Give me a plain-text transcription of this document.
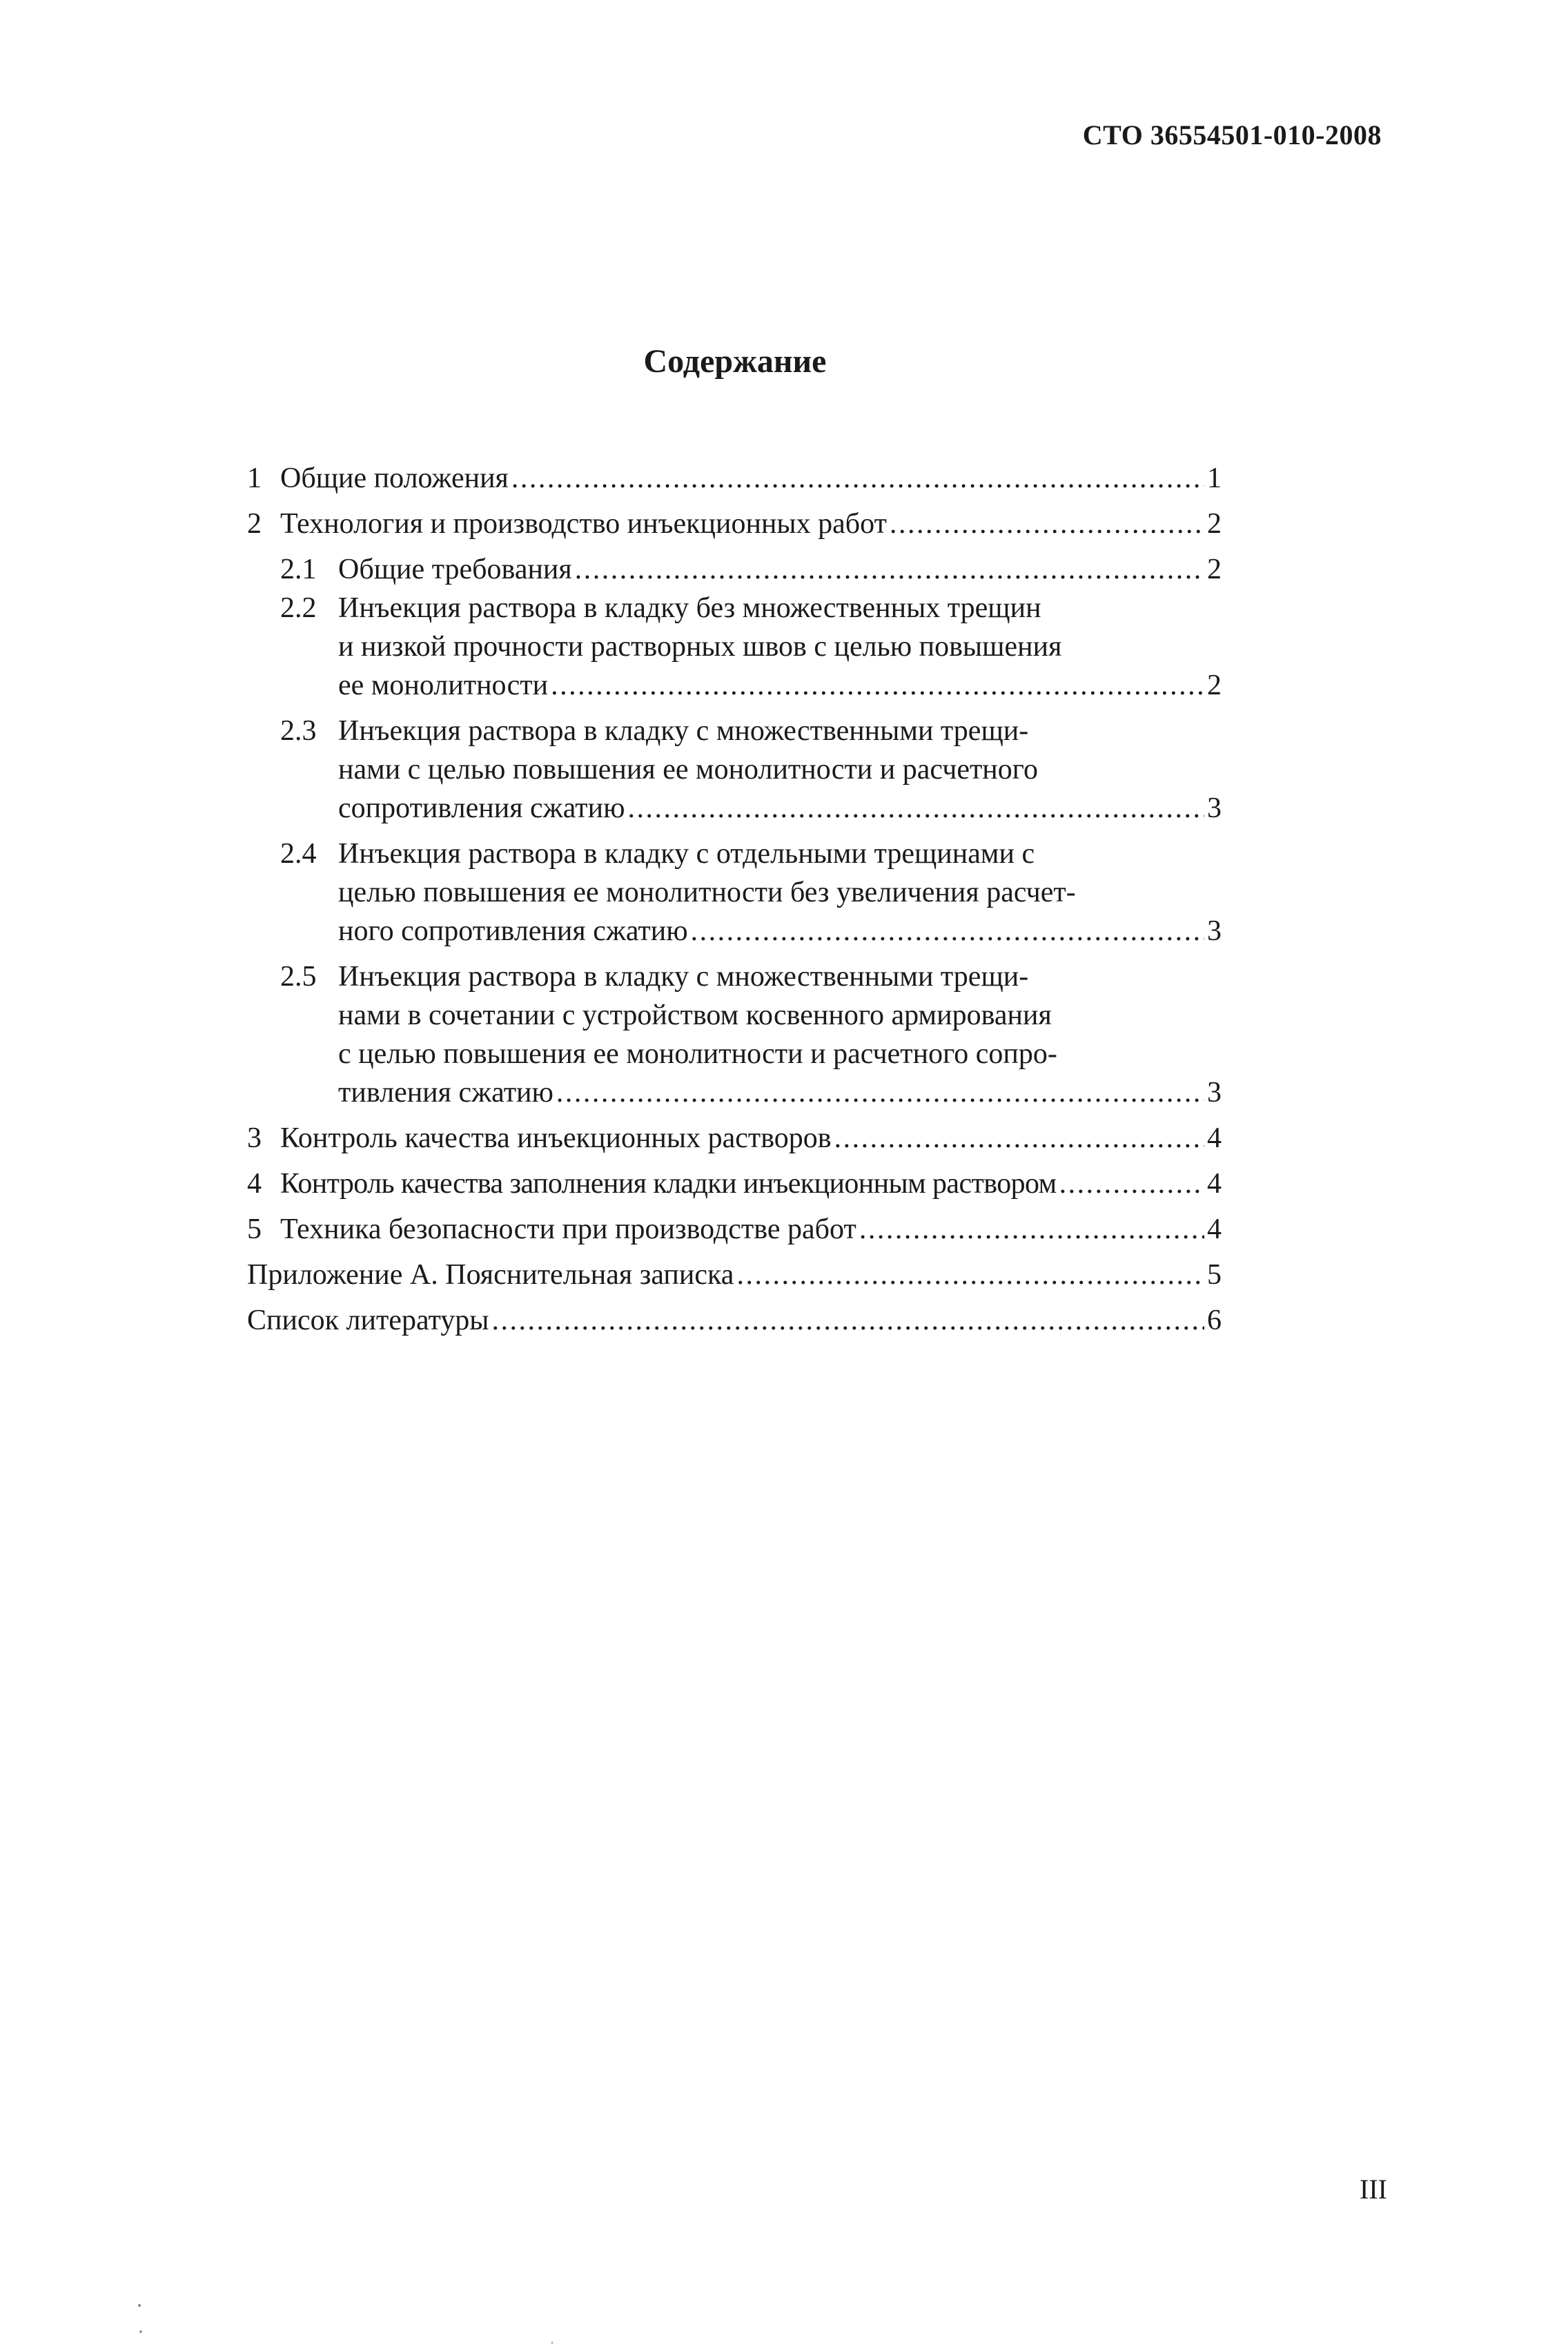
СТО 36554501-010-2008
Содержание
1 Общие положения . . .	1
2 Технология и производство инъекционных работ . . .	2
2.1 Общие требования . . .	2
2.2 Инъекция раствора в кладку без множественных трещин
и низкой прочности растворных швов с целью повышения
ее монолитности . . .	2
2.3 Инъекция раствора в кладку с множественными трещи-
нами с целью повышения ее монолитности и расчетного
сопротивления сжатию . . .	3
2.4 Инъекция раствора в кладку с отдельными трещинами с
целью повышения ее монолитности без увеличения расчет-
ного сопротивления сжатию . . .	3
2.5 Инъекция раствора в кладку с множественными трещи-
нами в сочетании с устройством косвенного армирования
с целью повышения ее монолитности и расчетного сопро-
тивления сжатию . . .	3
3 Контроль качества инъекционных растворов . . .	4
4 Контроль качества заполнения кладки инъекционным раствором . . .	4
5 Техника безопасности при производстве работ . . .	4
Приложение А. Пояснительная записка . . .	5
Список литературы . . .	6
III
